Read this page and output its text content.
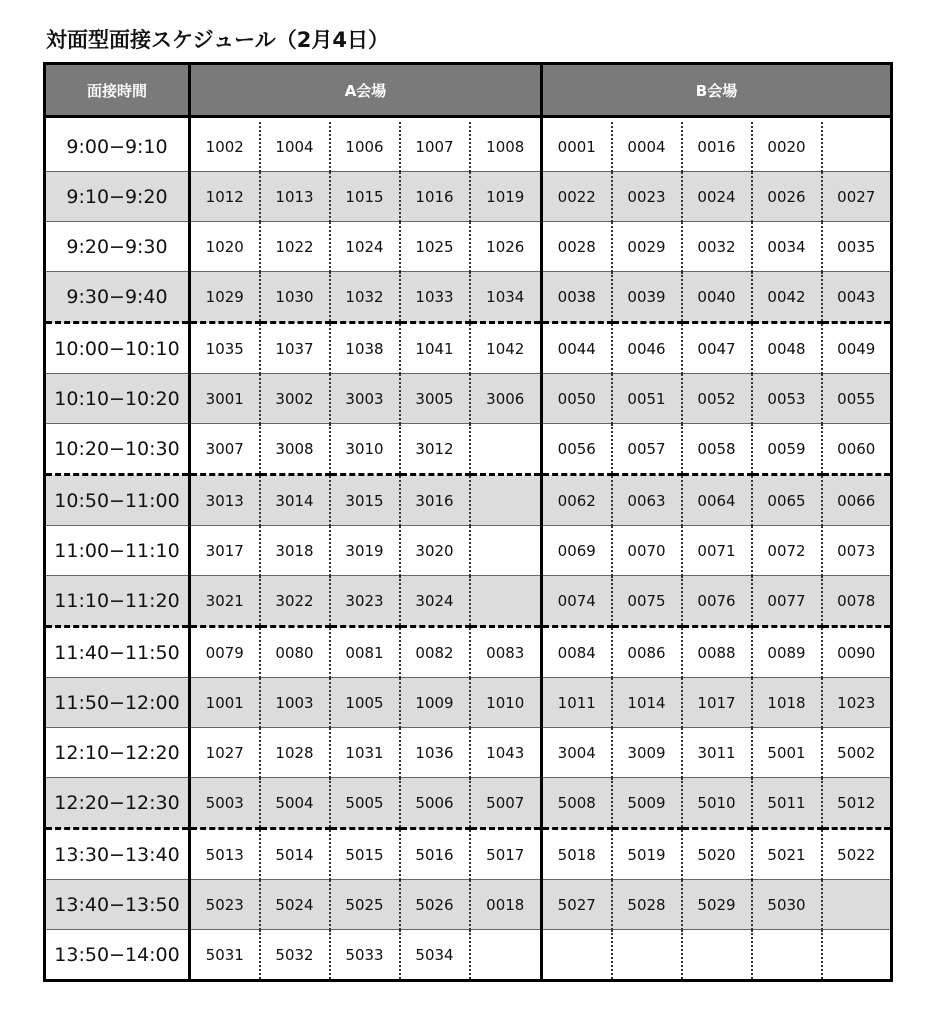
対面型面接スケジュール（2月4日）
面接時間	A会場					B会場				

9:00−9:10	1002	1004	1006	1007	1008	0001	0004	0016	0020	
9:10−9:20	1012	1013	1015	1016	1019	0022	0023	0024	0026	0027
9:20−9:30	1020	1022	1024	1025	1026	0028	0029	0032	0034	0035
9:30−9:40	1029	1030	1032	1033	1034	0038	0039	0040	0042	0043
10:00−10:10	1035	1037	1038	1041	1042	0044	0046	0047	0048	0049
10:10−10:20	3001	3002	3003	3005	3006	0050	0051	0052	0053	0055
10:20−10:30	3007	3008	3010	3012		0056	0057	0058	0059	0060
10:50−11:00	3013	3014	3015	3016		0062	0063	0064	0065	0066
11:00−11:10	3017	3018	3019	3020		0069	0070	0071	0072	0073
11:10−11:20	3021	3022	3023	3024		0074	0075	0076	0077	0078
11:40−11:50	0079	0080	0081	0082	0083	0084	0086	0088	0089	0090
11:50−12:00	1001	1003	1005	1009	1010	1011	1014	1017	1018	1023
12:10−12:20	1027	1028	1031	1036	1043	3004	3009	3011	5001	5002
12:20−12:30	5003	5004	5005	5006	5007	5008	5009	5010	5011	5012
13:30−13:40	5013	5014	5015	5016	5017	5018	5019	5020	5021	5022
13:40−13:50	5023	5024	5025	5026	0018	5027	5028	5029	5030	
13:50−14:00	5031	5032	5033	5034						
